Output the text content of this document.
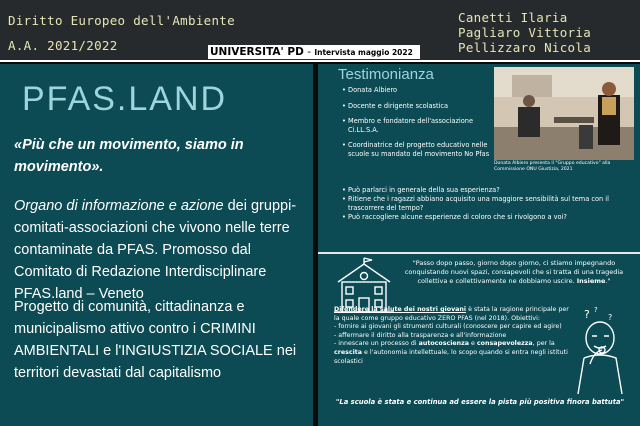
Diritto Europeo dell'Ambiente
A.A. 2021/2022
Canetti Ilaria
Pagliaro Vittoria
Pellizzaro Nicola
UNIVERSITA' PD - Intervista maggio 2022
PFAS.LAND
«Più che un movimento, siamo in movimento».
Organo di informazione e azione dei gruppi-comitati-associazioni che vivono nelle terre contaminate da PFAS. Promosso dal Comitato di Redazione Interdisciplinare PFAS.land – Veneto
Progetto di comunità, cittadinanza e municipalismo attivo contro i CRIMINI AMBIENTALI e l'INGIUSTIZIA SOCIALE nei territori devastati dal capitalismo
Testimonianza
• Donata Albiero
• Docente e dirigente scolastica
• Membro e fondatore dell'associazione Ci.LL.S.A.
• Coordinatrice del progetto educativo nelle scuole su mandato del movimento No Pfas
Donata Albiero presenta il "Gruppo educativo" alla Commissione ONU Giustizia, 2021
• Può parlarci in generale della sua esperienza?
• Ritiene che i ragazzi abbiano acquisito una maggiore sensibilità sul tema con il trascorrere del tempo?
• Può raccogliere alcune esperienze di coloro che si rivolgono a voi?
"Passo dopo passo, giorno dopo giorno, ci stiamo impegnando conquistando nuovi spazi, consapevoli che si tratta di una tragedia collettiva e collettivamente ne dobbiamo uscire. Insieme."
Difendere la salute dei nostri giovani è stata la ragione principale per la quale come gruppo educativo ZERO PFAS (nel 2018). Obiettivi:
- fornire ai giovani gli strumenti culturali (conoscere per capire ed agire)
- affermare il diritto alla trasparenza e all'informazione
- innescare un processo di autocoscienza e consapevolezza, per la crescita e l'autonomia intellettuale, lo scopo quando si entra negli istituti scolastici
? ?
?
"La scuola è stata e continua ad essere la pista più positiva finora battuta"
